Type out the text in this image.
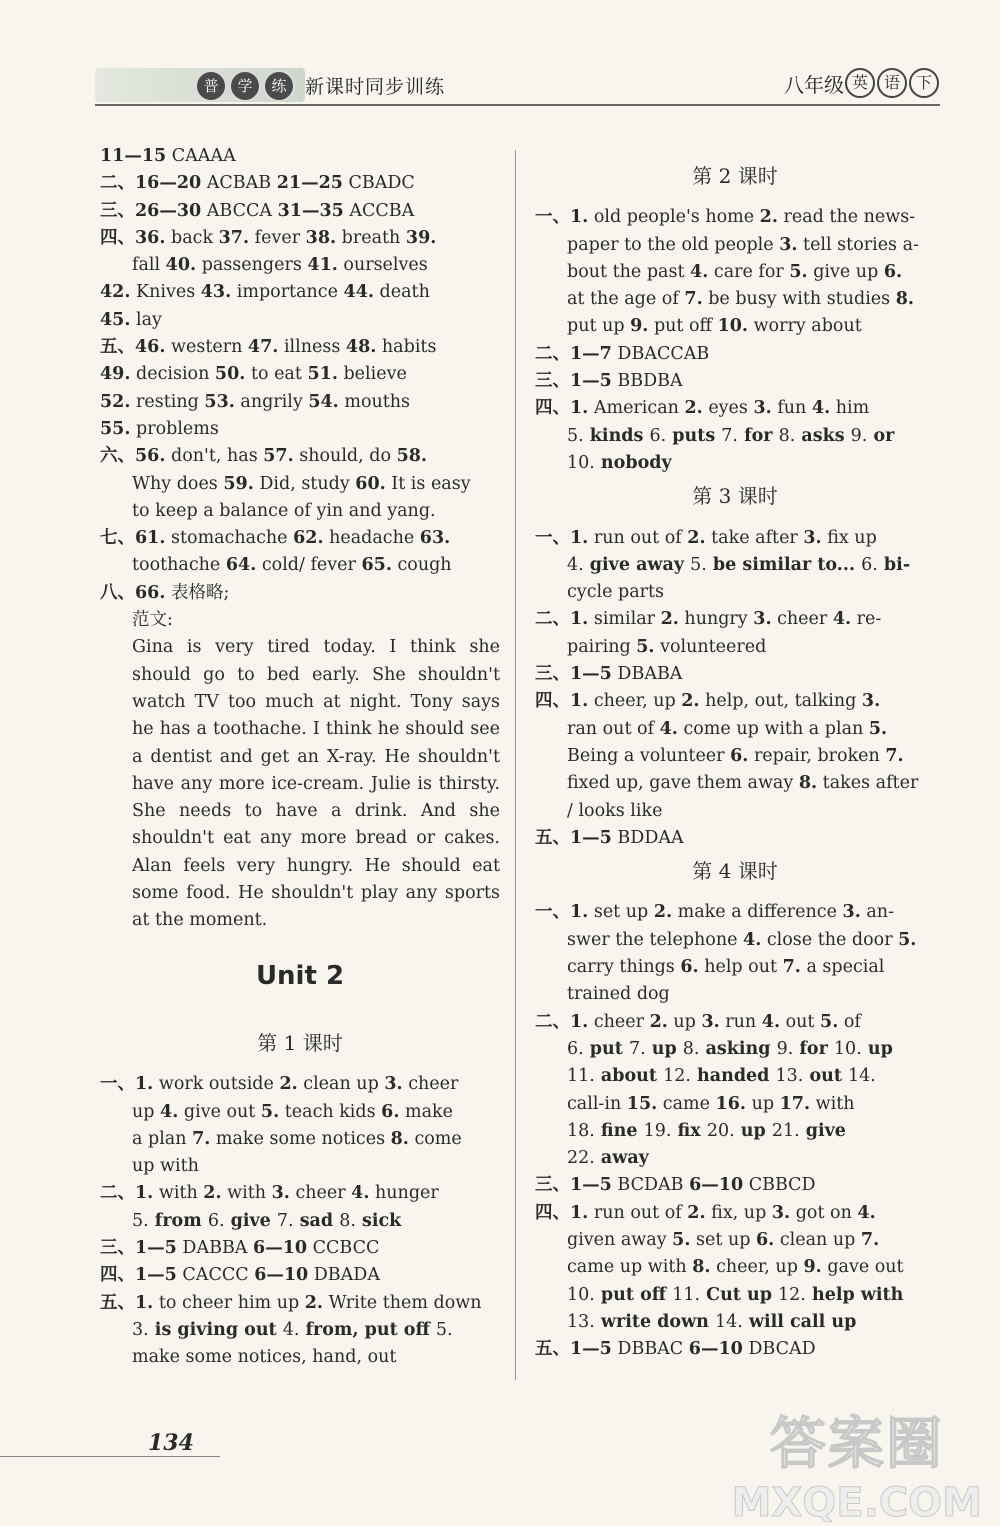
普	学	练 新课时同步训练	八 年 级 英 语 下

11—15 CAAAA

二、16—20 ACBAB 21—25 CBADC

三、26—30 ABCCA 31—35 ACCBA

四、36. back 37. fever 38. breath 39.

fall 40. passengers 41. ourselves

42. Knives 43. importance 44. death

45. lay

五、46. western 47. illness 48. habits

49. decision 50. to eat 51. believe

52. resting 53. angrily 54. mouths

55. problems

六、56. don't, has 57. should, do 58.

Why does 59. Did, study 60. It is easy

to keep a balance of yin and yang.

七、61. stomachache 62. headache 63.

toothache 64. cold/ fever 65. cough

八、66. 表格略;

范文:

Gina is very tired today. I think she should go to bed early. She shouldn't watch TV too much at night. Tony says he has a toothache. I think he should see a dentist and get an X-ray. He shouldn't have any more ice-cream. Julie is thirsty. She needs to have a drink. And she shouldn't eat any more bread or cakes. Alan feels very hungry. He should eat some food. He shouldn't play any sports at the moment.

Unit 2
第 1 课时

一、1. work outside 2. clean up 3. cheer

up 4. give out 5. teach kids 6. make

a plan 7. make some notices 8. come

up with

二、1. with 2. with 3. cheer 4. hunger

5. from 6. give 7. sad 8. sick

三、1—5 DABBA 6—10 CCBCC

四、1—5 CACCC 6—10 DBADA

五、1. to cheer him up 2. Write them down

3. is giving out 4. from, put off 5.

make some notices, hand, out

第 2 课时

一、1. old people's home 2. read the news-

paper to the old people 3. tell stories a-

bout the past 4. care for 5. give up 6.

at the age of 7. be busy with studies 8.

put up 9. put off 10. worry about

二、1—7 DBACCAB

三、1—5 BBDBA

四、1. American 2. eyes 3. fun 4. him

5. kinds 6. puts 7. for 8. asks 9. or

10. nobody

第 3 课时

一、1. run out of 2. take after 3. fix up

4. give away 5. be similar to... 6. bi-

cycle parts

二、1. similar 2. hungry 3. cheer 4. re-

pairing 5. volunteered

三、1—5 DBABA

四、1. cheer, up 2. help, out, talking 3.

ran out of 4. come up with a plan 5.

Being a volunteer 6. repair, broken 7.

fixed up, gave them away 8. takes after

/ looks like

五、1—5 BDDAA

第 4 课时

一、1. set up 2. make a difference 3. an-

swer the telephone 4. close the door 5.

carry things 6. help out 7. a special

trained dog

二、1. cheer 2. up 3. run 4. out 5. of

6. put 7. up 8. asking 9. for 10. up

11. about 12. handed 13. out 14.

call-in 15. came 16. up 17. with

18. fine 19. fix 20. up 21. give

22. away

三、1—5 BCDAB 6—10 CBBCD

四、1. run out of 2. fix, up 3. got on 4.

given away 5. set up 6. clean up 7.

came up with 8. cheer, up 9. gave out

10. put off 11. Cut up 12. help with

13. write down 14. will call up

五、1—5 DBBAC 6—10 DBCAD

134	答案圈
MXQE.COM
